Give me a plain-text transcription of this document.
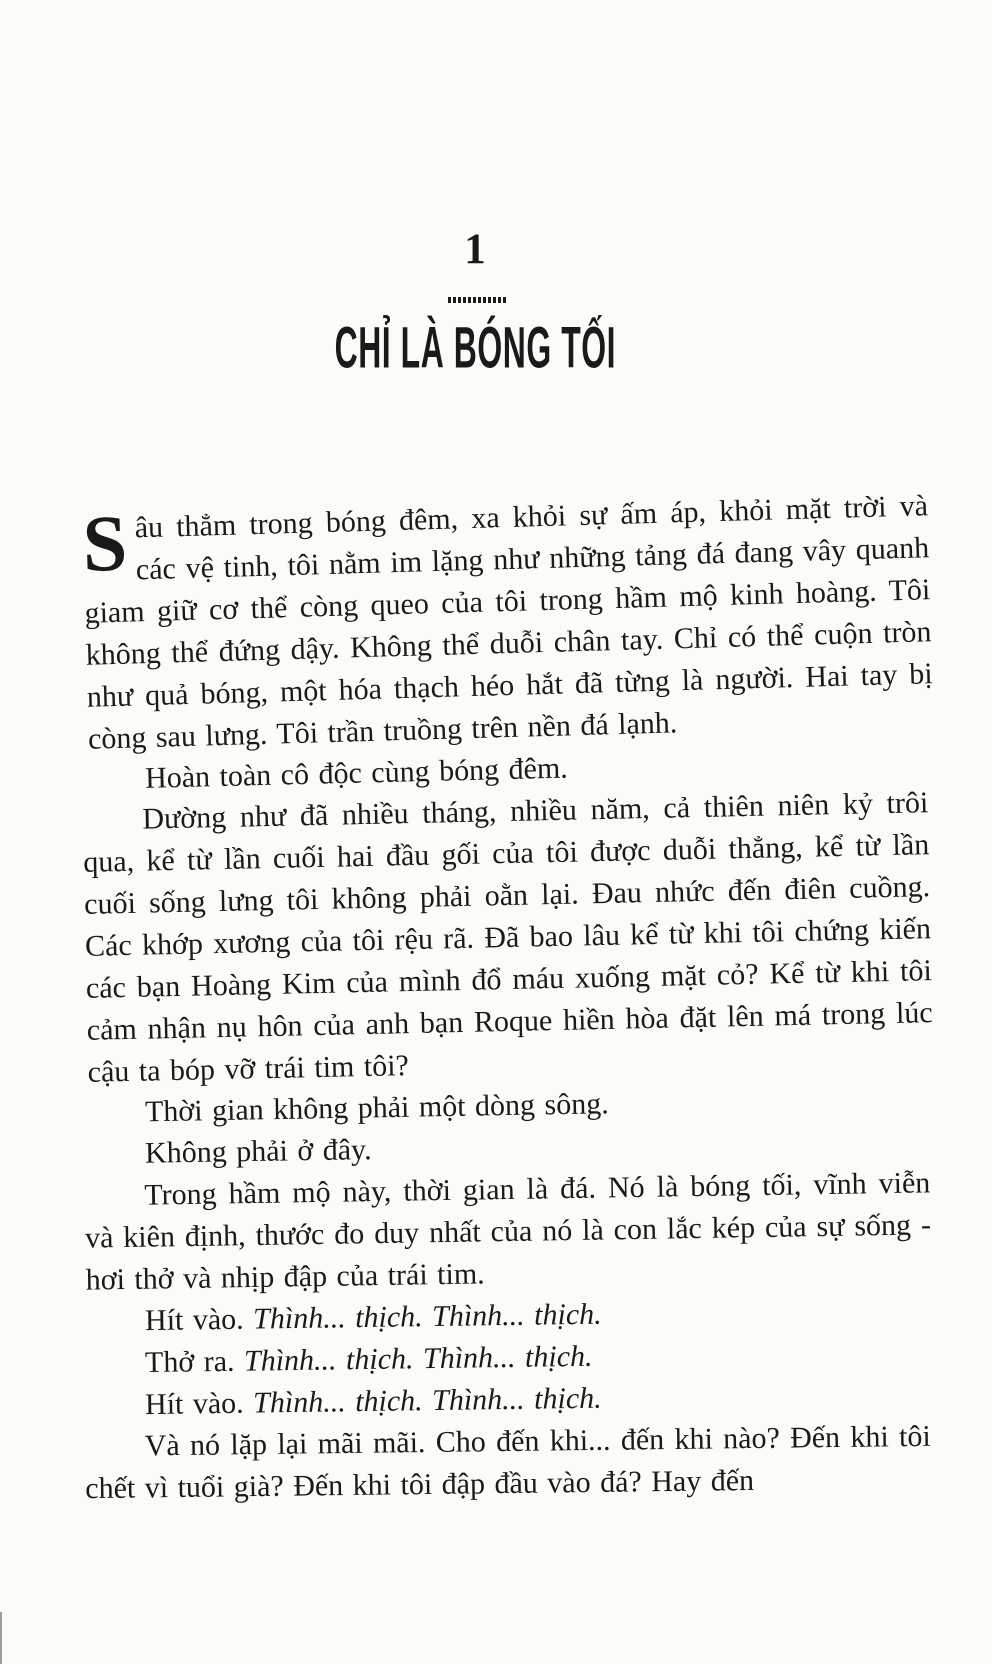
1
CHỈ LÀ BÓNG TỐI

Sâu thẳm trong bóng đêm, xa khỏi sự ấm áp, khỏi mặt trời và các vệ tinh, tôi nằm im lặng như những tảng đá đang vây quanh giam giữ cơ thể còng queo của tôi trong hầm mộ kinh hoàng. Tôi không thể đứng dậy. Không thể duỗi chân tay. Chỉ có thể cuộn tròn như quả bóng, một hóa thạch héo hắt đã từng là người. Hai tay bị còng sau lưng. Tôi trần truồng trên nền đá lạnh.

Hoàn toàn cô độc cùng bóng đêm.

Dường như đã nhiều tháng, nhiều năm, cả thiên niên kỷ trôi qua, kể từ lần cuối hai đầu gối của tôi được duỗi thẳng, kể từ lần cuối sống lưng tôi không phải oằn lại. Đau nhức đến điên cuồng. Các khớp xương của tôi rệu rã. Đã bao lâu kể từ khi tôi chứng kiến các bạn Hoàng Kim của mình đổ máu xuống mặt cỏ? Kể từ khi tôi cảm nhận nụ hôn của anh bạn Roque hiền hòa đặt lên má trong lúc cậu ta bóp vỡ trái tim tôi?

Thời gian không phải một dòng sông.

Không phải ở đây.

Trong hầm mộ này, thời gian là đá. Nó là bóng tối, vĩnh viễn và kiên định, thước đo duy nhất của nó là con lắc kép của sự sống - hơi thở và nhịp đập của trái tim.

Hít vào. Thình... thịch. Thình... thịch.

Thở ra. Thình... thịch. Thình... thịch.

Hít vào. Thình... thịch. Thình... thịch.

Và nó lặp lại mãi mãi. Cho đến khi... đến khi nào? Đến khi tôi chết vì tuổi già? Đến khi tôi đập đầu vào đá? Hay đến
